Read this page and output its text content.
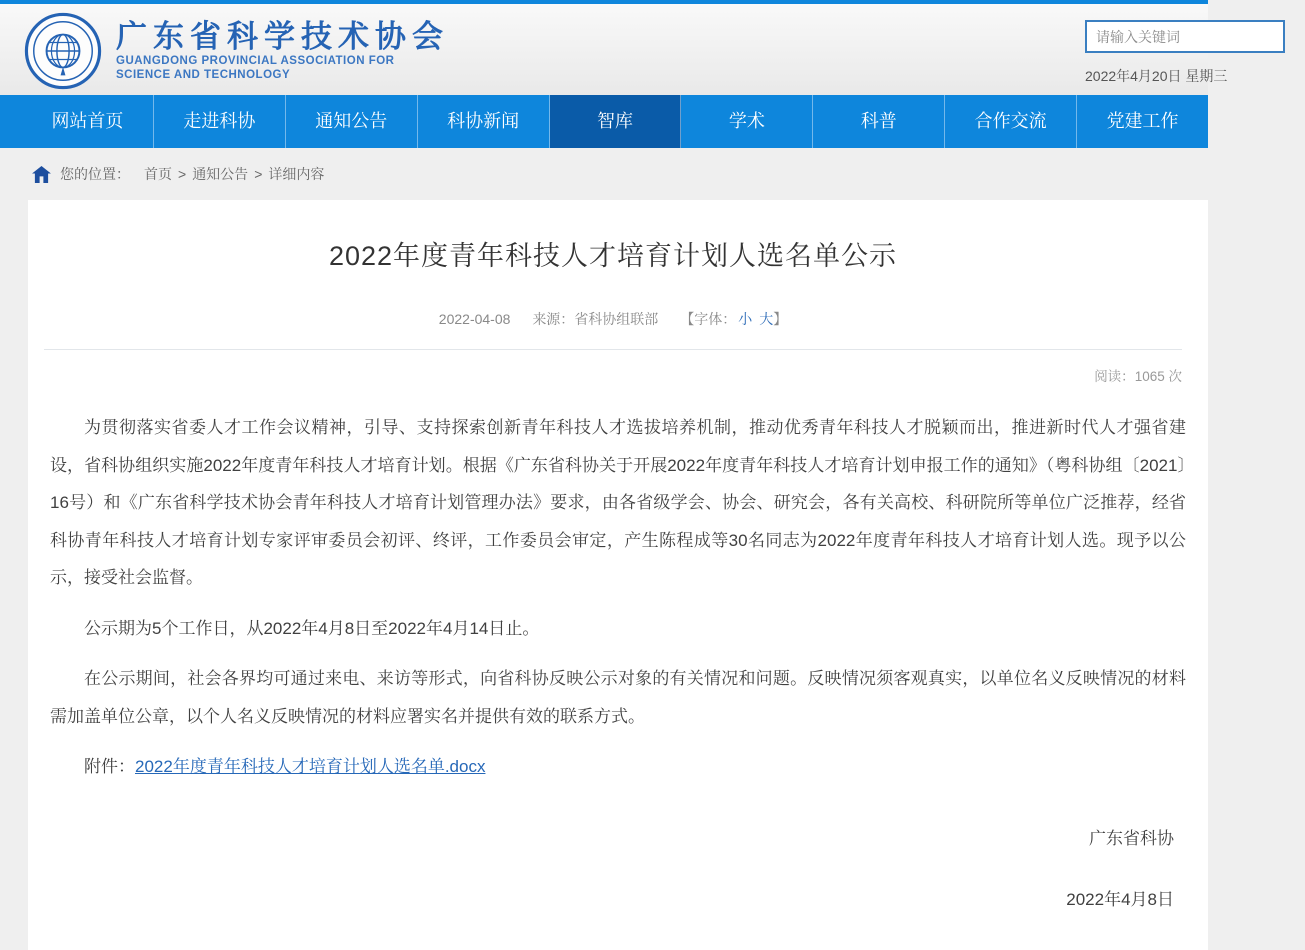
广东省科学技术协会
GUANGDONG PROVINCIAL ASSOCIATION FOR
SCIENCE AND TECHNOLOGY
请输入关键词	2022年4月20日 星期三
网站首页	走进科协	通知公告	科协新闻	智库	学术	科普	合作交流	党建工作
您的位置： 首页 > 通知公告 > 详细内容
2022年度青年科技人才培育计划人选名单公示
2022-04-08 来源：省科协组联部 【字体： 小 大】
阅读：1065 次

为贯彻落实省委人才工作会议精神，引导、支持探索创新青年科技人才选拔培养机制，推动优秀青年科技人才脱颖而出，推进新时代人才强省建设，省科协组织实施2022年度青年科技人才培育计划。根据《广东省科协关于开展2022年度青年科技人才培育计划申报工作的通知》（粤科协组〔2021〕16号）和《广东省科学技术协会青年科技人才培育计划管理办法》要求，由各省级学会、协会、研究会，各有关高校、科研院所等单位广泛推荐，经省科协青年科技人才培育计划专家评审委员会初评、终评，工作委员会审定，产生陈程成等30名同志为2022年度青年科技人才培育计划人选。现予以公示，接受社会监督。

公示期为5个工作日，从2022年4月8日至2022年4月14日止。

在公示期间，社会各界均可通过来电、来访等形式，向省科协反映公示对象的有关情况和问题。反映情况须客观真实，以单位名义反映情况的材料需加盖单位公章，以个人名义反映情况的材料应署实名并提供有效的联系方式。

附件：2022年度青年科技人才培育计划人选名单.docx
广东省科协
2022年4月8日
